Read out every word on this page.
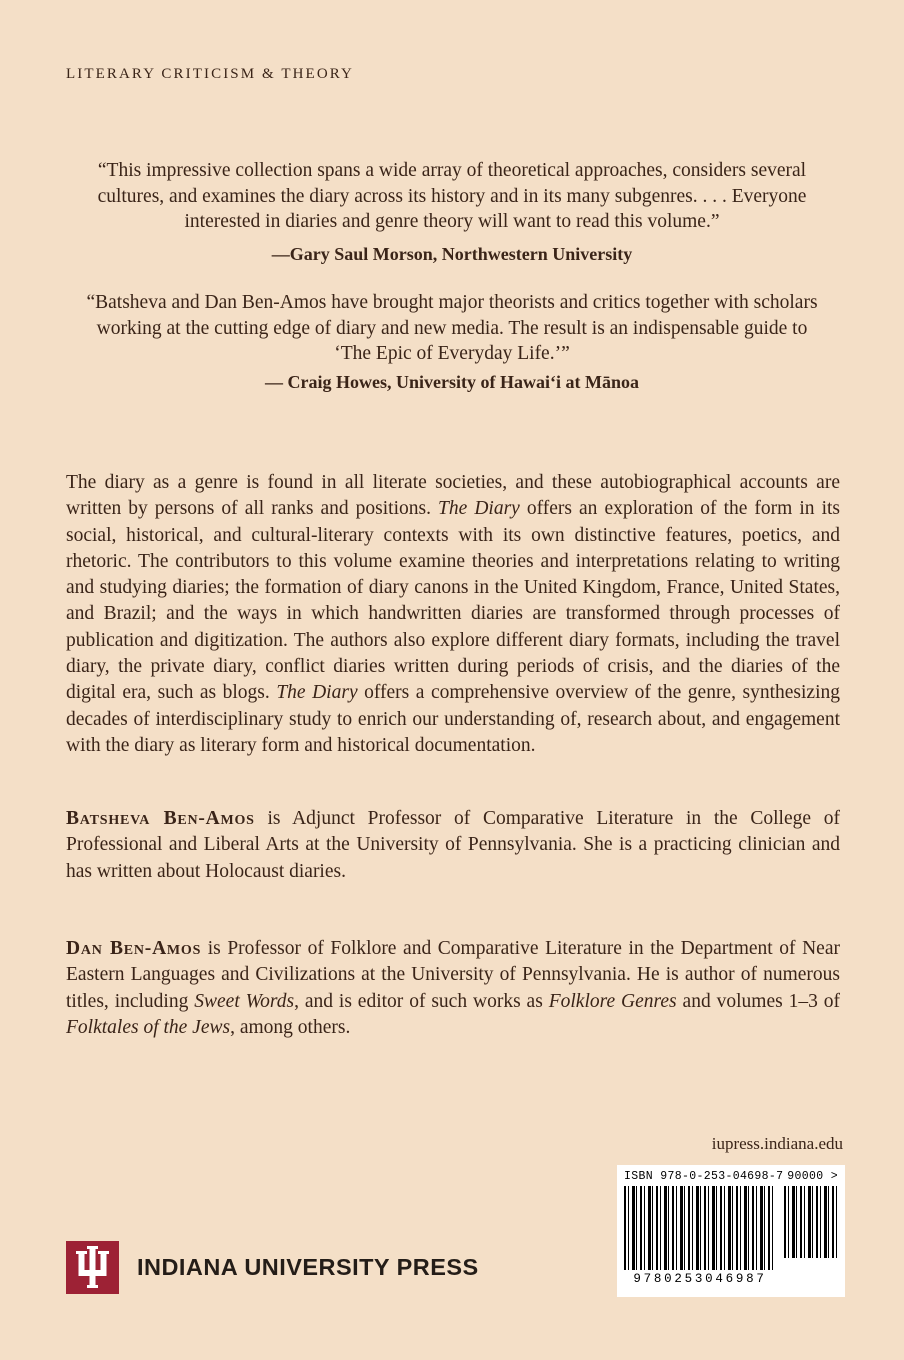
LITERARY CRITICISM & THEORY
“This impressive collection spans a wide array of theoretical approaches, considers several cultures, and examines the diary across its history and in its many subgenres. . . . Everyone interested in diaries and genre theory will want to read this volume.”
—Gary Saul Morson, Northwestern University
“Batsheva and Dan Ben-Amos have brought major theorists and critics together with scholars working at the cutting edge of diary and new media. The result is an indispensable guide to ‘The Epic of Everyday Life.’”
— Craig Howes, University of Hawai‘i at Mānoa
The diary as a genre is found in all literate societies, and these autobiographical accounts are written by persons of all ranks and positions. The Diary offers an exploration of the form in its social, historical, and cultural-literary contexts with its own distinctive features, poetics, and rhetoric. The contributors to this volume examine theories and interpretations relating to writing and studying diaries; the formation of diary canons in the United Kingdom, France, United States, and Brazil; and the ways in which handwritten diaries are transformed through processes of publication and digitization. The authors also explore different diary formats, including the travel diary, the private diary, conflict diaries written during periods of crisis, and the diaries of the digital era, such as blogs. The Diary offers a comprehensive overview of the genre, synthesizing decades of interdisciplinary study to enrich our understanding of, research about, and engagement with the diary as literary form and historical documentation.
Batsheva Ben-Amos is Adjunct Professor of Comparative Literature in the College of Professional and Liberal Arts at the University of Pennsylvania. She is a practicing clinician and has written about Holocaust diaries.
Dan Ben-Amos is Professor of Folklore and Comparative Literature in the Department of Near Eastern Languages and Civilizations at the University of Pennsylvania. He is author of numerous titles, including Sweet Words, and is editor of such works as Folklore Genres and volumes 1–3 of Folktales of the Jews, among others.
iupress.indiana.edu
ISBN 978-0-253-04698-7 90000 >
9780253046987
INDIANA UNIVERSITY PRESS
